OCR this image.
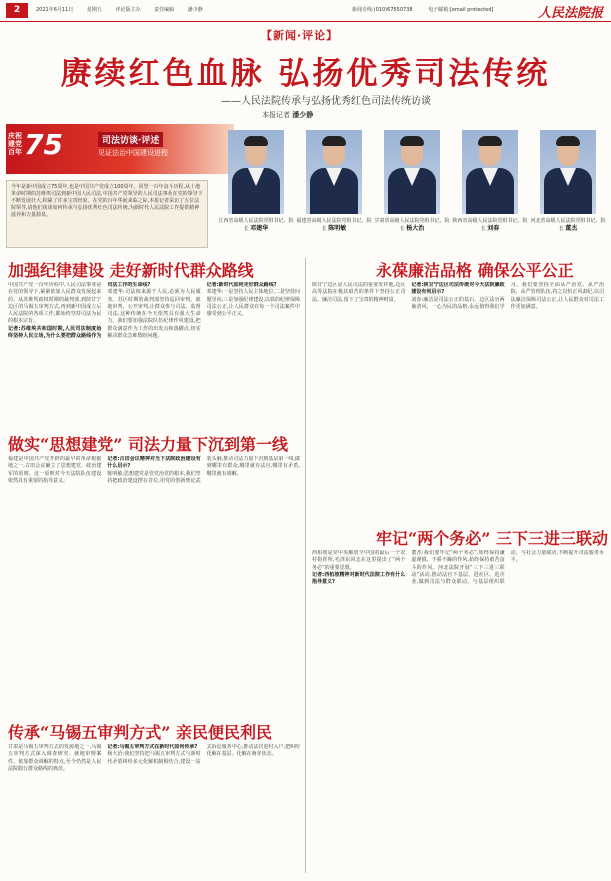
2	2021年6月11日	星期五	评论版主办	责任编辑	潘少静	新闻专线:(010)67550738	电子邮箱:[email protected]	人民法院报
【新闻·评论】
赓续红色血脉 弘扬优秀司法传统
——人民法院传承与弘扬优秀红色司法传统访谈
本报记者 潘少静
庆祝建党百年 75	司法访谈·评述
见证法治中国建设进程
今年是新中国成立75周年,也是中国共产党成立100周年。回望一百年奋斗历程,从土地革命时期的苏维埃司法到新中国人民司法,中国共产党领导的人民司法事业在党的领导下不断发展壮大,积累了许多宝贵经验。在党的百年华诞来临之际,本报记者采访了五位法院领导,请他们谈谈如何传承与弘扬优秀红色司法传统,为新时代人民法院工作提供精神滋养和力量源泉。
江西省高级人民法院党组书记、院长 邓建华
福建省高级人民法院党组书记、院长 陈明敏
甘肃省高级人民法院党组书记、院长 杨大治
陕西省高级人民法院党组书记、院长 刘春
河北省高级人民法院党组书记、院长 董杰
加强纪律建设 走好新时代群众路线

中国共产党一百年历程中,人民司法事业是在党的领导下,紧紧依靠人民群众发展起来的。从苏维埃政权时期的裁判部,到陕甘宁边区的马锡五审判方式,再到新中国成立后人民法院的各项工作,都始终坚持司法为民的根本宗旨。

记者:苏维埃共和国时期,人民司法制度始终坚持人民立场,为什么要把群众路线作为司法工作的生命线?

邓建华:司法权来源于人民,必须为人民服务。苏区时期的裁判部坚持巡回审判、就地审判、公开审判,让群众参与司法、监督司法,这种传统在今天依然具有强大生命力。我们要加强法院队伍纪律作风建设,把群众满意作为工作的出发点和落脚点,切实解决群众急难愁盼问题。

记者:新时代如何走好群众路线?

邓建华:一是坚持人民主体地位,二是坚持问题导向,三是加强纪律建设,以铁的纪律保障司法公正,让人民群众在每一个司法案件中感受到公平正义。

做实“思想建党” 司法力量下沉到第一线

福建是中国共产党开辟的最早的革命根据地之一,古田会议确立了思想建党、政治建军的原则。这一原则对今天法院队伍建设依然具有重要的指导意义。

记者:古田会议精神对当下法院政治建设有什么启示?

陈明敏:思想建党是管党治党的根本,我们坚持把政治建设摆在首位,用党的创新理论武装头脑,推动司法力量下沉到基层第一线,做到哪里有群众,哪里就有法官,哪里有矛盾,哪里就有调解。

传承“马锡五审判方式” 亲民便民利民

甘肃是马锡五审判方式的发源地之一,马锡五审判方式深入调查研究、就地审理案件、依靠群众调解的特点,至今仍然是人民法院践行群众路线的典范。

记者:马锡五审判方式在新时代如何传承?

杨大治:我们坚持把马锡五审判方式与新时代矛盾纠纷多元化解机制相结合,建设一站式诉讼服务中心,推动法官进村入户,把纠纷化解在基层、化解在萌芽状态。

永葆廉洁品格 确保公平公正

陕甘宁边区是人民司法的重要发祥地,边区高等法院在极其艰苦的条件下坚持公正司法、廉洁司法,留下了宝贵的精神财富。

记者:陕甘宁边区司法传统对今天法院廉政建设有何启示?

刘春:廉洁是司法公正的基石。边区法官两袖清风、一心为民的品格,永远值得我们学习。我们要坚持全面从严治党、从严治院、从严管理队伍,持之以恒正风肃纪,以司法廉洁保障司法公正,让人民群众对司法工作更加满意。

牢记“两个务必” 三下三进三联动

西柏坡是党中央解放全中国的最后一个农村指挥所,毛泽东同志在这里提出了“两个务必”的重要思想。

记者:西柏坡精神对新时代法院工作有什么指导意义?

董杰:我们要牢记“两个务必”,始终保持谦虚谨慎、不骄不躁的作风,始终保持艰苦奋斗的作风。河北法院开展“三下三进三联动”活动,推动法官下基层、进社区、进企业,做到司法与群众联动、与基层组织联动、与社会力量联动,不断提升司法服务水平。
